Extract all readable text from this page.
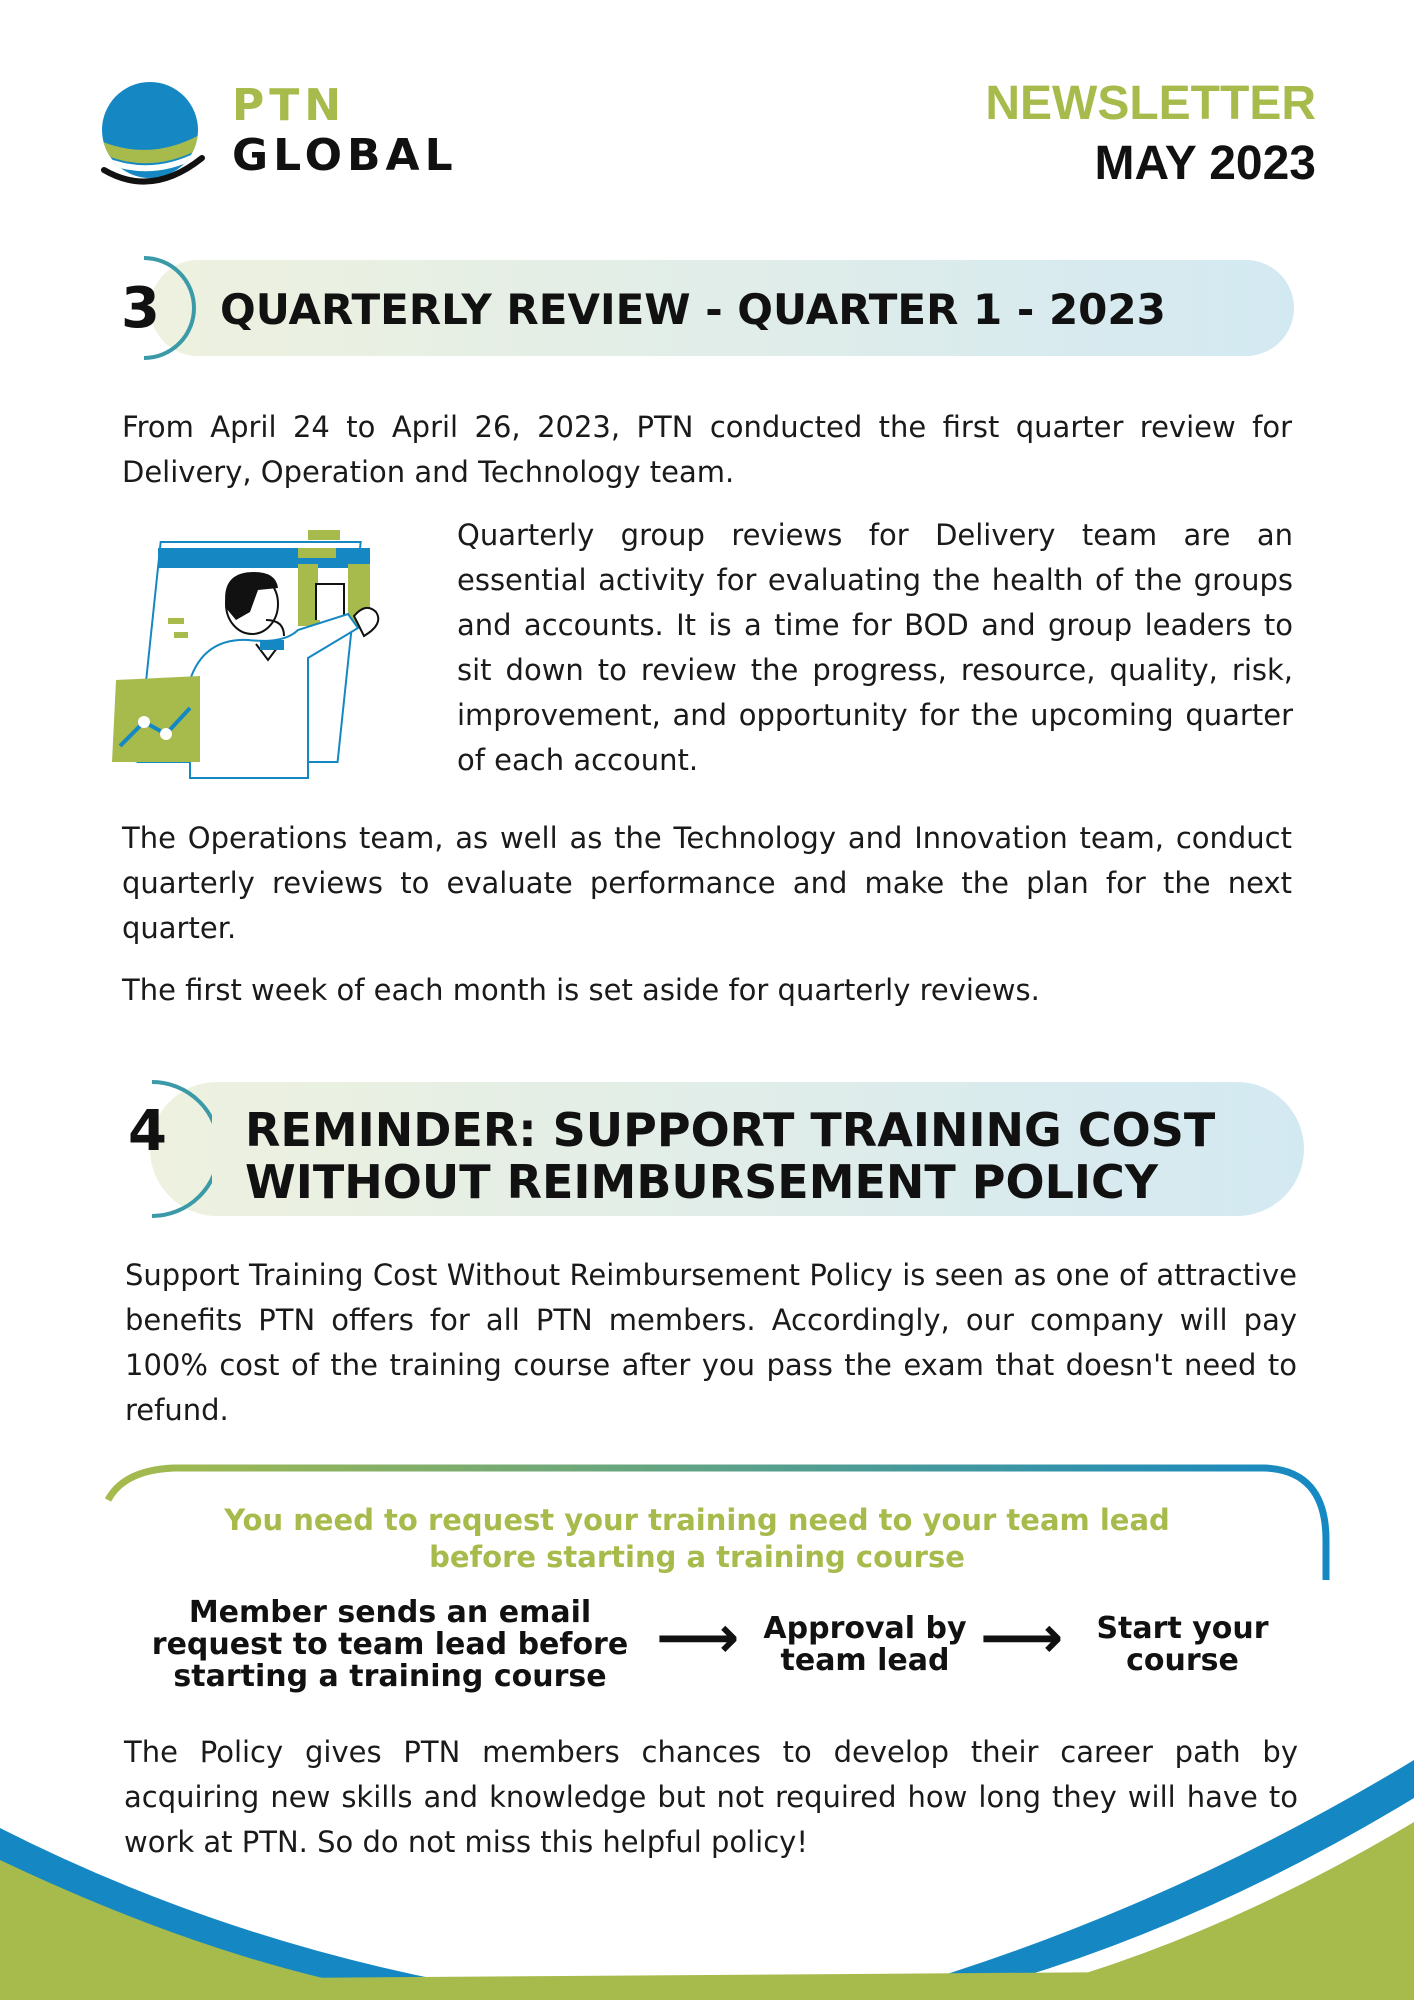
PTN
GLOBAL
NEWSLETTER
MAY 2023
3 QUARTERLY REVIEW - QUARTER 1 - 2023
From April 24 to April 26, 2023, PTN conducted the first quarter review for Delivery, Operation and Technology team.
Quarterly group reviews for Delivery team are an essential activity for evaluating the health of the groups and accounts. It is a time for BOD and group leaders to sit down to review the progress, resource, quality, risk, improvement, and opportunity for the upcoming quarter of each account.
The Operations team, as well as the Technology and Innovation team, conduct quarterly reviews to evaluate performance and make the plan for the next quarter.
The first week of each month is set aside for quarterly reviews.
4 REMINDER: SUPPORT TRAINING COST
WITHOUT REIMBURSEMENT POLICY
Support Training Cost Without Reimbursement Policy is seen as one of attractive benefits PTN offers for all PTN members. Accordingly, our company will pay 100% cost of the training course after you pass the exam that doesn't need to refund.
You need to request your training need to your team lead
before starting a training course
Member sends an email
request to team lead before
starting a training course
⟶ Approval by
team lead ⟶	Start your
course
The Policy gives PTN members chances to develop their career path by acquiring new skills and knowledge but not required how long they will have to work at PTN. So do not miss this helpful policy!
